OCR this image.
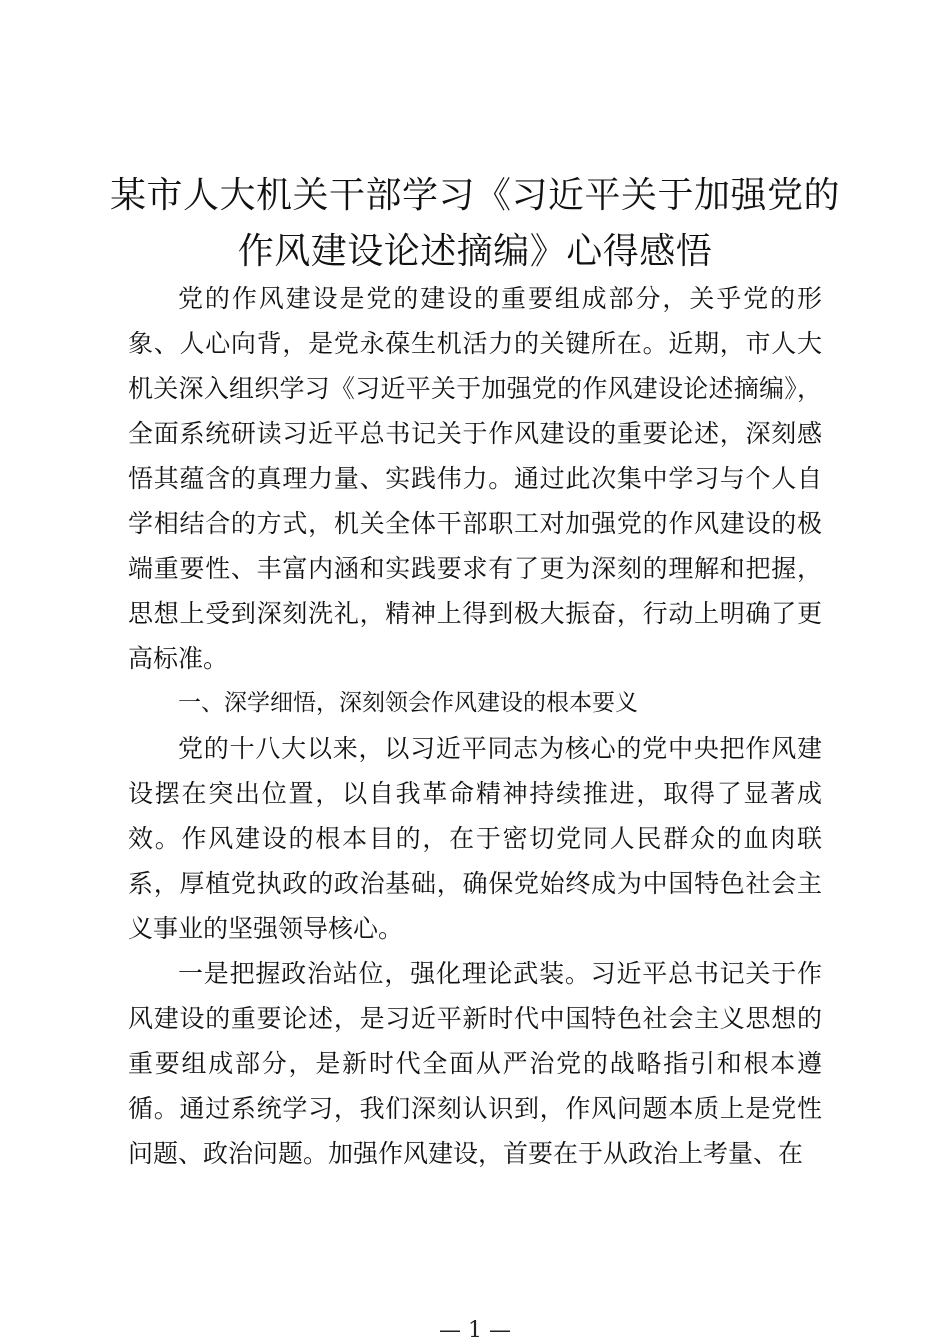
某市人大机关干部学习《习近平关于加强党的
作风建设论述摘编》心得感悟

党的作风建设是党的建设的重要组成部分，关乎党的形象、人心向背，是党永葆生机活力的关键所在。近期，市人大机关深入组织学习《习近平关于加强党的作风建设论述摘编》，全面系统研读习近平总书记关于作风建设的重要论述，深刻感悟其蕴含的真理力量、实践伟力。通过此次集中学习与个人自学相结合的方式，机关全体干部职工对加强党的作风建设的极端重要性、丰富内涵和实践要求有了更为深刻的理解和把握，思想上受到深刻洗礼，精神上得到极大振奋，行动上明确了更高标准。

一、深学细悟，深刻领会作风建设的根本要义

党的十八大以来，以习近平同志为核心的党中央把作风建设摆在突出位置，以自我革命精神持续推进，取得了显著成效。作风建设的根本目的，在于密切党同人民群众的血肉联系，厚植党执政的政治基础，确保党始终成为中国特色社会主义事业的坚强领导核心。

一是把握政治站位，强化理论武装。习近平总书记关于作风建设的重要论述，是习近平新时代中国特色社会主义思想的重要组成部分，是新时代全面从严治党的战略指引和根本遵循。通过系统学习，我们深刻认识到，作风问题本质上是党性问题、政治问题。加强作风建设，首要在于从政治上考量、在

— 1 —
